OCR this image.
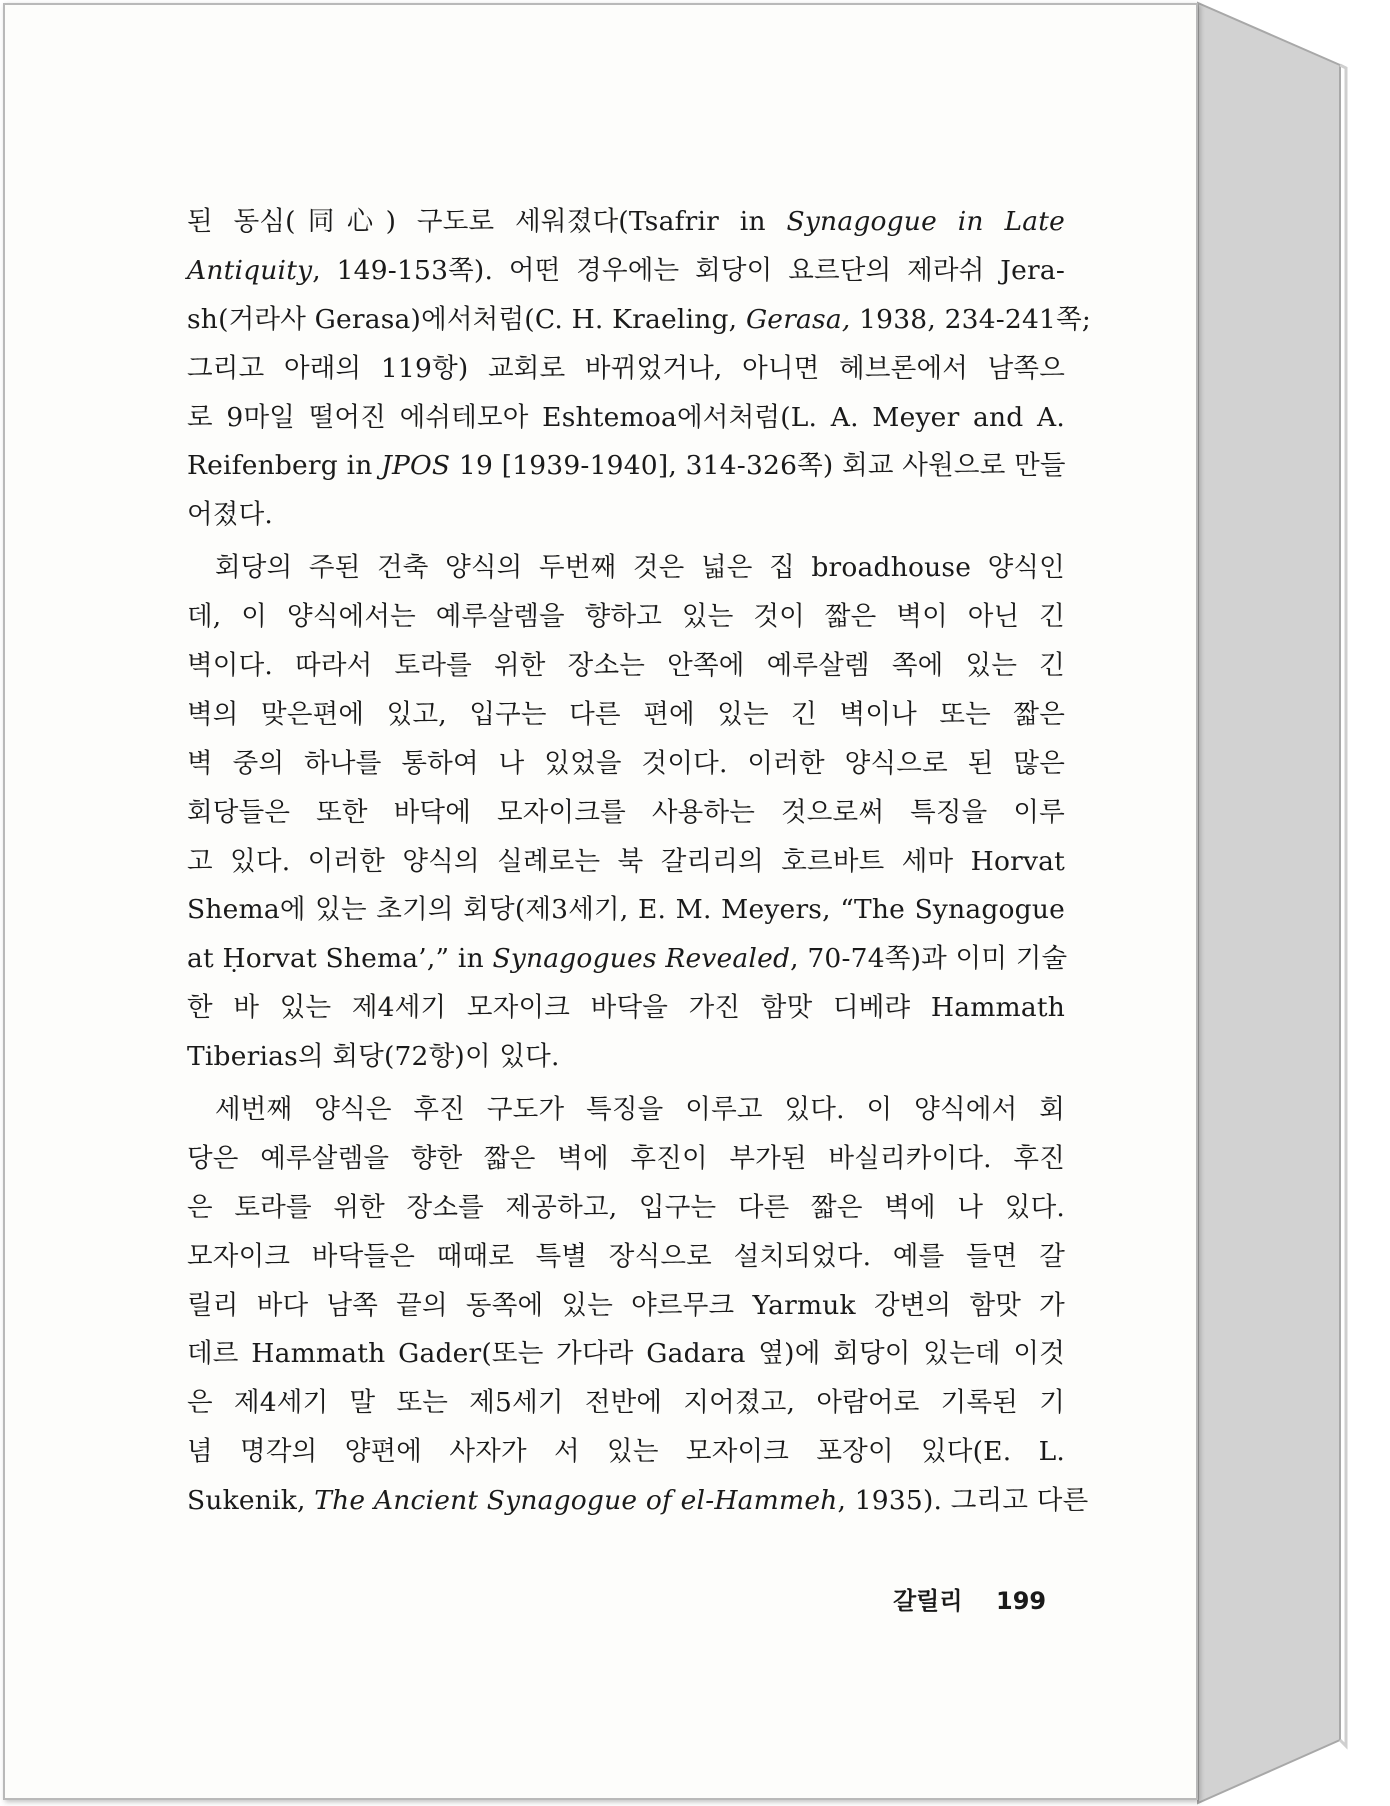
된 동심(同心) 구도로 세워졌다(Tsafrir in Synagogue in Late
Antiquity, 149-153쪽). 어떤 경우에는 회당이 요르단의 제라쉬 Jera-
sh(거라사 Gerasa)에서처럼(C. H. Kraeling, Gerasa, 1938, 234-241쪽;
그리고 아래의 119항) 교회로 바뀌었거나, 아니면 헤브론에서 남쪽으
로 9마일 떨어진 에쉬테모아 Eshtemoa에서처럼(L. A. Meyer and A.
Reifenberg in JPOS 19 [1939-1940], 314-326쪽) 회교 사원으로 만들
어졌다.
회당의 주된 건축 양식의 두번째 것은 넓은 집 broadhouse 양식인
데, 이 양식에서는 예루살렘을 향하고 있는 것이 짧은 벽이 아닌 긴
벽이다. 따라서 토라를 위한 장소는 안쪽에 예루살렘 쪽에 있는 긴
벽의 맞은편에 있고, 입구는 다른 편에 있는 긴 벽이나 또는 짧은
벽 중의 하나를 통하여 나 있었을 것이다. 이러한 양식으로 된 많은
회당들은 또한 바닥에 모자이크를 사용하는 것으로써 특징을 이루
고 있다. 이러한 양식의 실례로는 북 갈리리의 호르바트 세마 Horvat
Shema에 있는 초기의 회당(제3세기, E. M. Meyers, “The Synagogue
at Ḥorvat Shema’,” in Synagogues Revealed, 70-74쪽)과 이미 기술
한 바 있는 제4세기 모자이크 바닥을 가진 함맛 디베랴 Hammath
Tiberias의 회당(72항)이 있다.
세번째 양식은 후진 구도가 특징을 이루고 있다. 이 양식에서 회
당은 예루살렘을 향한 짧은 벽에 후진이 부가된 바실리카이다. 후진
은 토라를 위한 장소를 제공하고, 입구는 다른 짧은 벽에 나 있다.
모자이크 바닥들은 때때로 특별 장식으로 설치되었다. 예를 들면 갈
릴리 바다 남쪽 끝의 동쪽에 있는 야르무크 Yarmuk 강변의 함맛 가
데르 Hammath Gader(또는 가다라 Gadara 옆)에 회당이 있는데 이것
은 제4세기 말 또는 제5세기 전반에 지어졌고, 아람어로 기록된 기
념 명각의 양편에 사자가 서 있는 모자이크 포장이 있다(E. L.
Sukenik, The Ancient Synagogue of el-Hammeh, 1935). 그리고 다른
갈릴리 199
